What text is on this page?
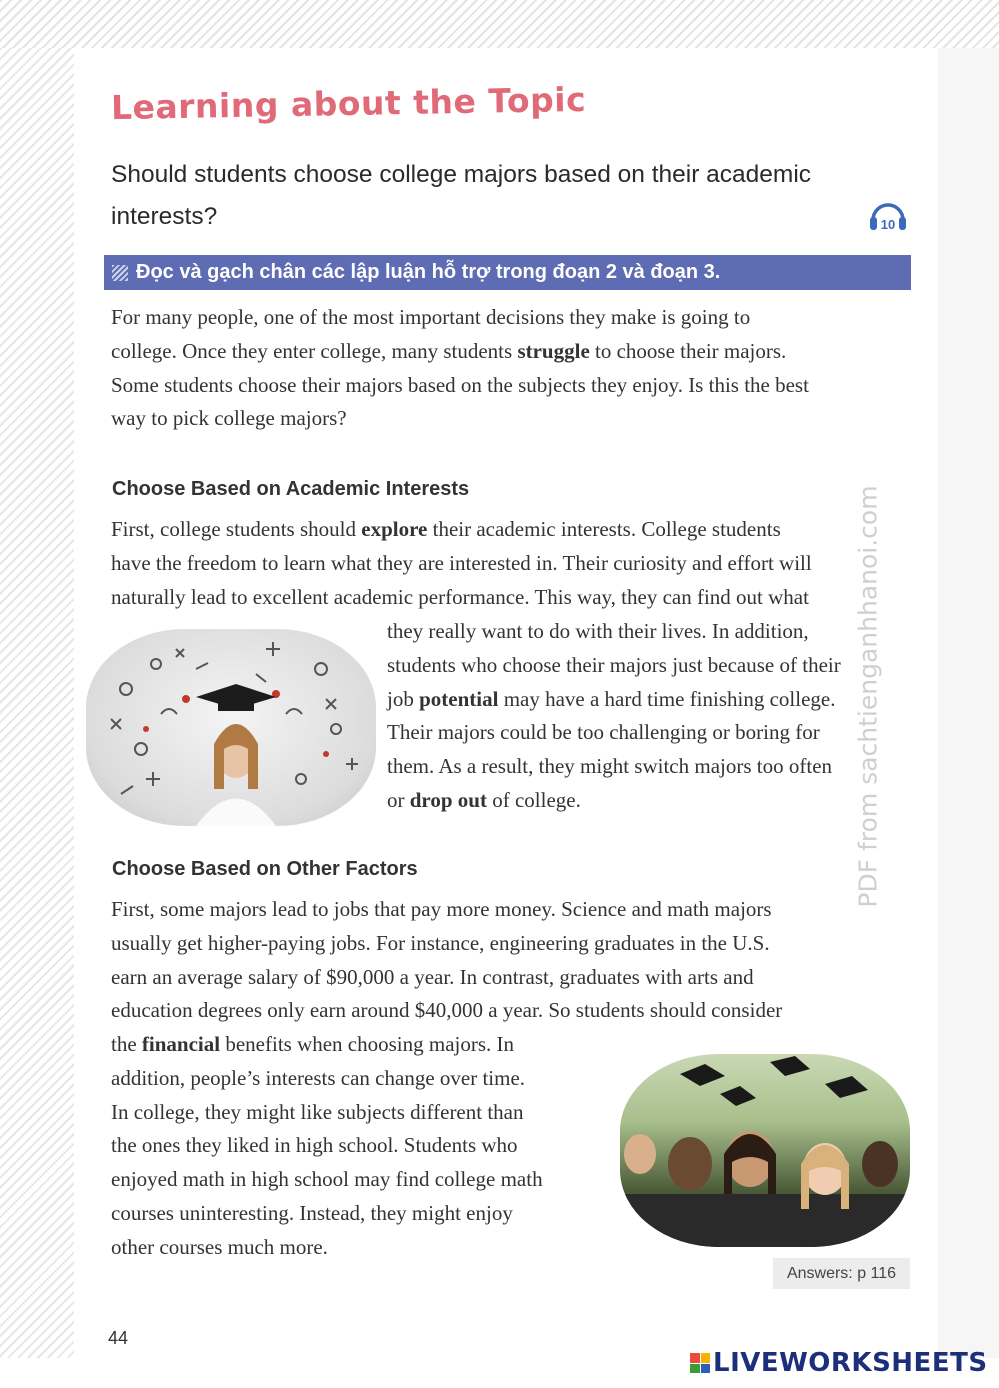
Learning about the Topic
Should students choose college majors based on their academic
interests?	10
Đọc và gạch chân các lập luận hỗ trợ trong đoạn 2 và đoạn 3.
For many people, one of the most important decisions they make is going to
college. Once they enter college, many students struggle to choose their majors.
Some students choose their majors based on the subjects they enjoy. Is this the best
way to pick college majors?
Choose Based on Academic Interests
First, college students should explore their academic interests. College students
have the freedom to learn what they are interested in. Their curiosity and effort will
naturally lead to excellent academic performance. This way, they can find out what
they really want to do with their lives. In addition,
students who choose their majors just because of their
job potential may have a hard time finishing college.
Their majors could be too challenging or boring for
them. As a result, they might switch majors too often
or drop out of college.	PDF from sachtienganhhanoi.com
Choose Based on Other Factors
First, some majors lead to jobs that pay more money. Science and math majors
usually get higher-paying jobs. For instance, engineering graduates in the U.S.
earn an average salary of $90,000 a year. In contrast, graduates with arts and
education degrees only earn around $40,000 a year. So students should consider
the financial benefits when choosing majors. In
addition, people’s interests can change over time.
In college, they might like subjects different than
the ones they liked in high school. Students who
enjoyed math in high school may find college math
courses uninteresting. Instead, they might enjoy
other courses much more.
Answers: p 116
44
LIVEWORKSHEETS
